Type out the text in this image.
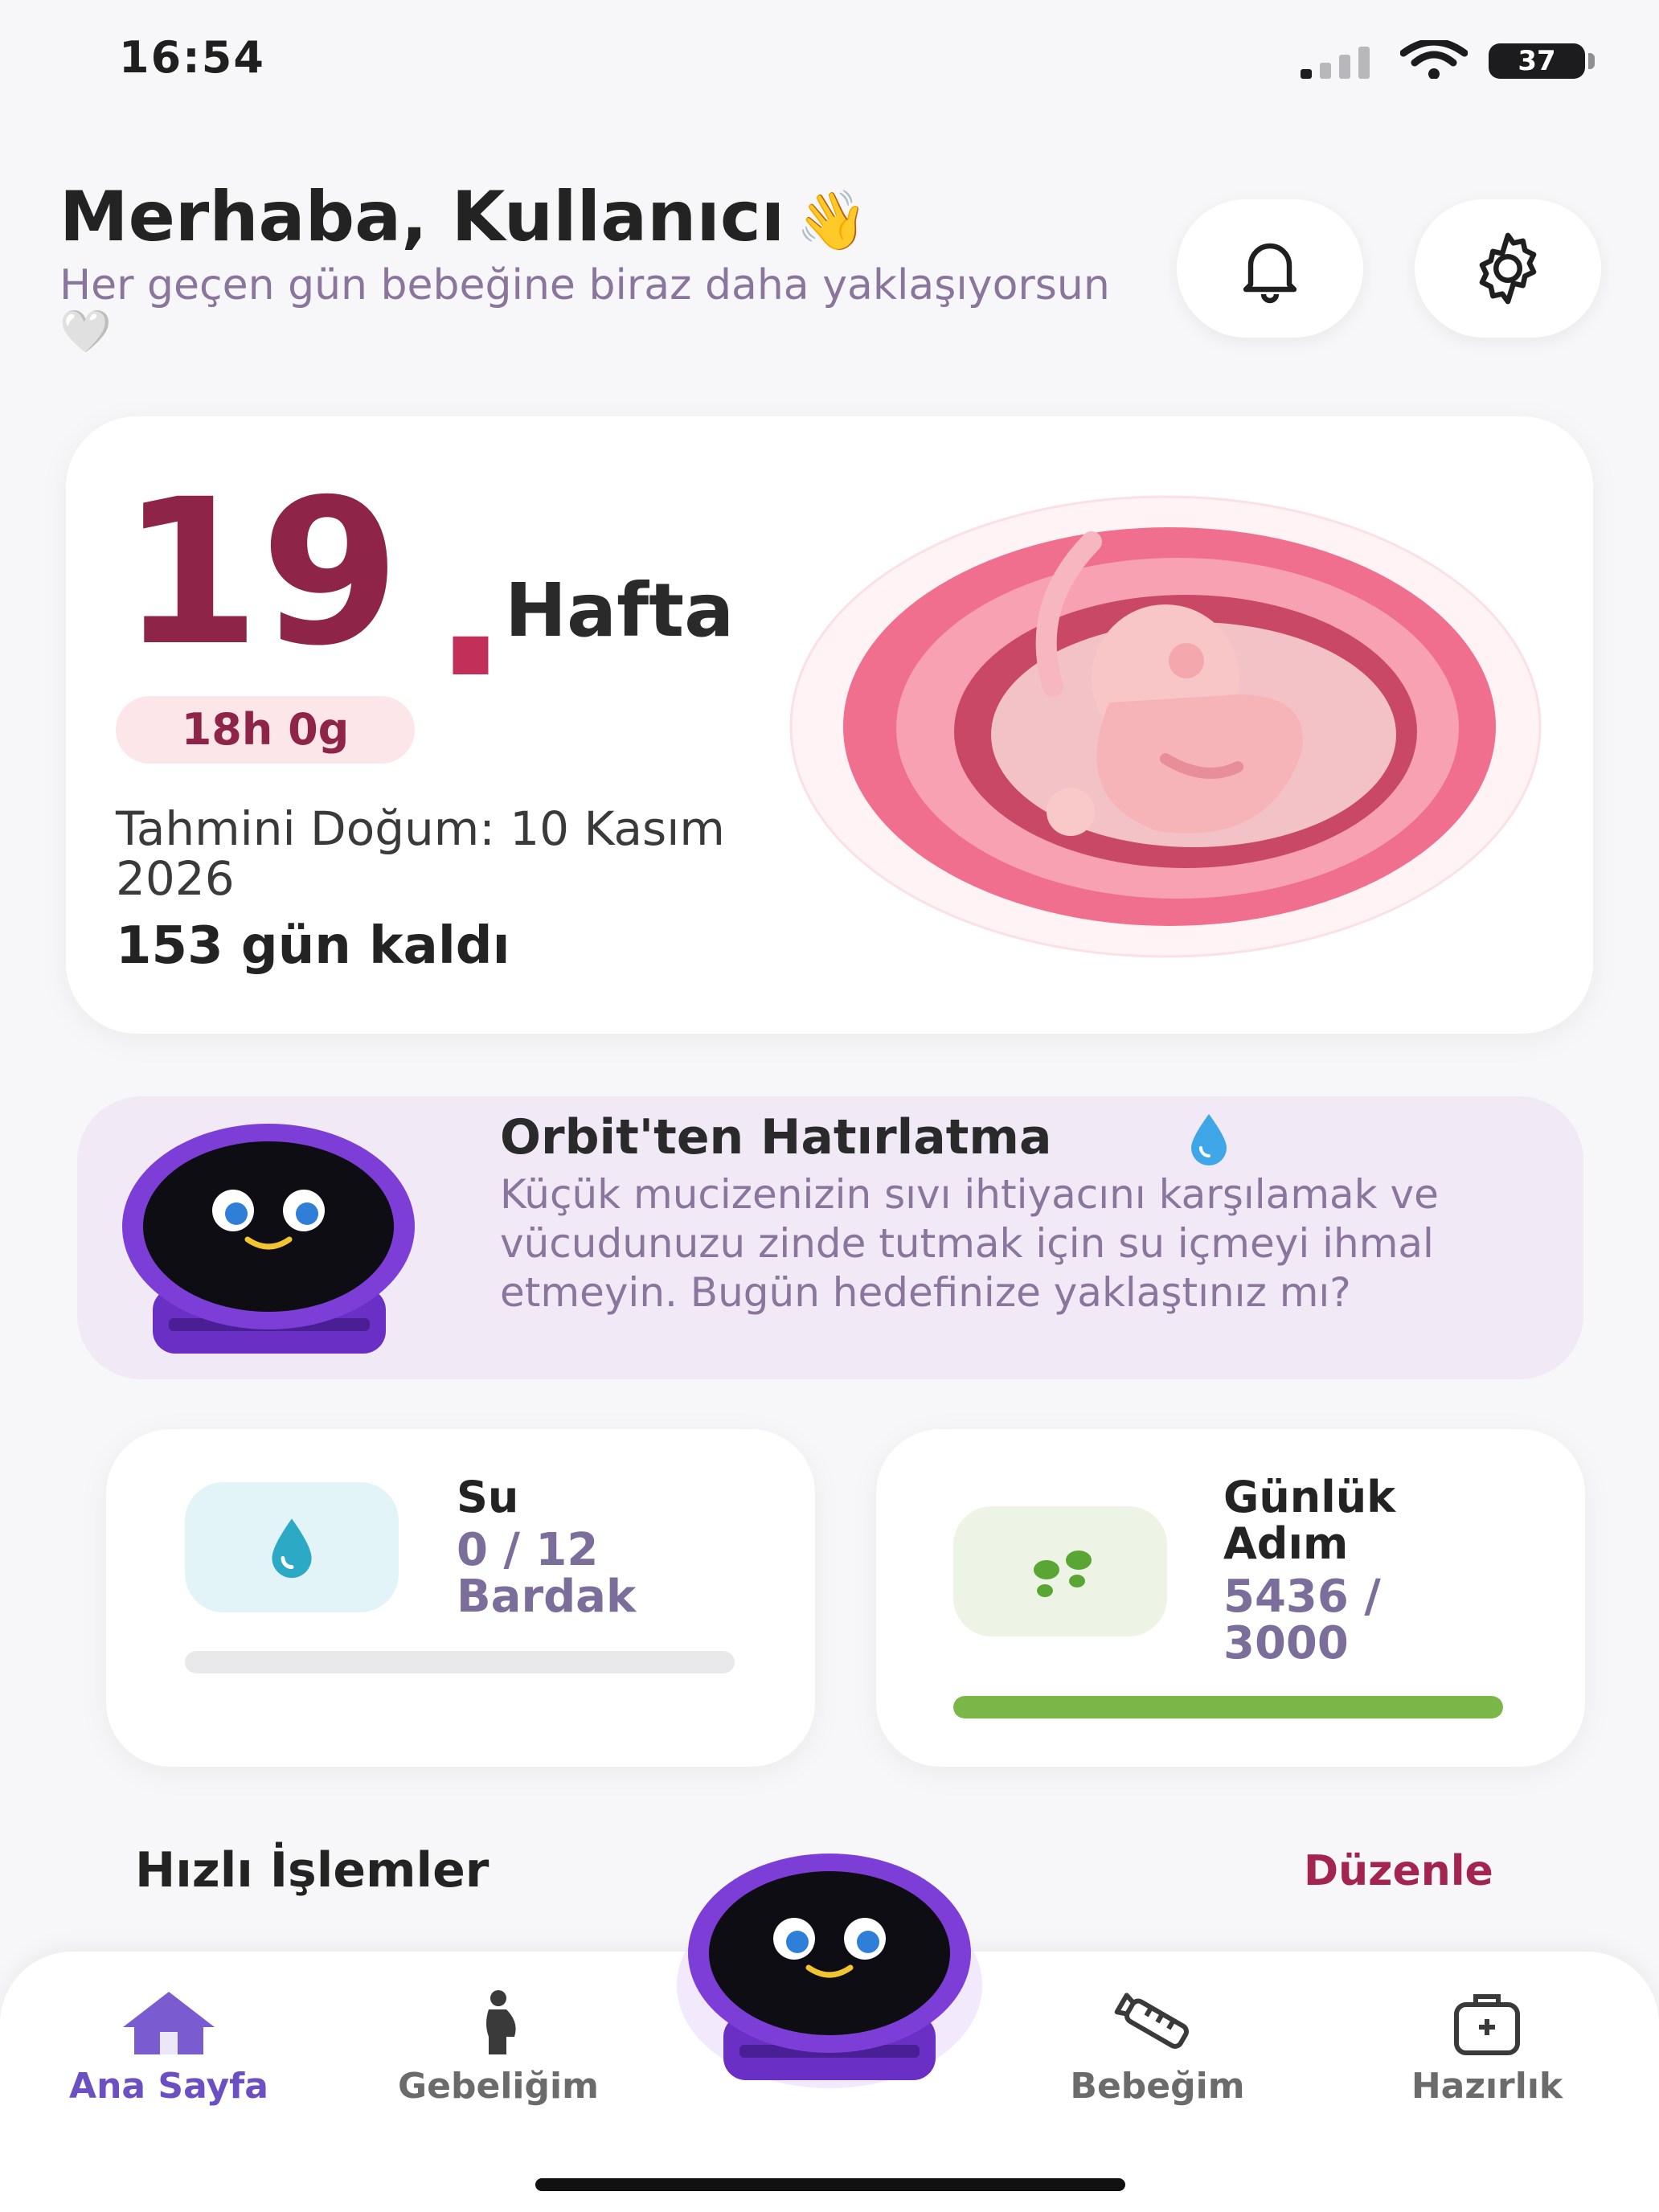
16:54	37
Merhaba, Kullanıcı 👋
Her geçen gün bebeğine biraz daha yaklaşıyorsun 🤍
19 .
Hafta
18h 0g
Tahmini Doğum: 10 Kasım 2026
153 gün kaldı
Orbit'ten Hatırlatma
Küçük mucizenizin sıvı ihtiyacını karşılamak ve vücudunuzu zinde tutmak için su içmeyi ihmal etmeyin. Bugün hedefinize yaklaştınız mı?
Su
0 / 12 Bardak
Günlük Adım
5436 / 3000
Hızlı İşlemler	Düzenle
Ana Sayfa	Gebeliğim	Bebeğim	Hazırlık
